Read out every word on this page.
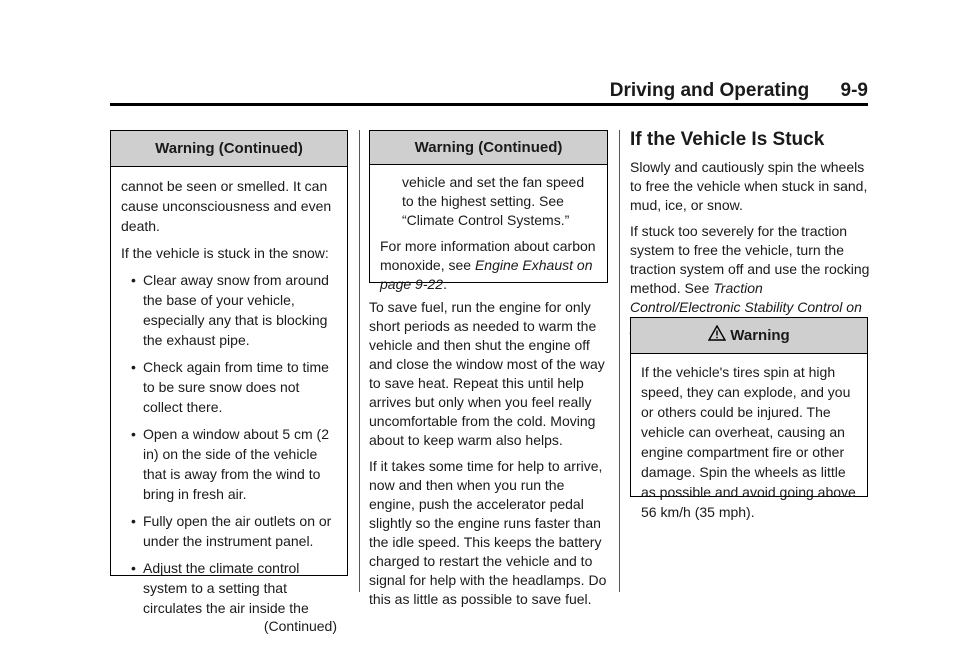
Driving and Operating 9-9
Warning (Continued)

cannot be seen or smelled. It can cause unconsciousness and even death.

If the vehicle is stuck in the snow:

• Clear away snow from around the base of your vehicle, especially any that is blocking the exhaust pipe.
• Check again from time to time to be sure snow does not collect there.
• Open a window about 5 cm (2 in) on the side of the vehicle that is away from the wind to bring in fresh air.
• Fully open the air outlets on or under the instrument panel.
• Adjust the climate control system to a setting that circulates the air inside the
(Continued)
Warning (Continued)

vehicle and set the fan speed to the highest setting. See “Climate Control Systems.”

For more information about carbon monoxide, see Engine Exhaust on page 9-22.

To save fuel, run the engine for only short periods as needed to warm the vehicle and then shut the engine off and close the window most of the way to save heat. Repeat this until help arrives but only when you feel really uncomfortable from the cold. Moving about to keep warm also helps.

If it takes some time for help to arrive, now and then when you run the engine, push the accelerator pedal slightly so the engine runs faster than the idle speed. This keeps the battery charged to restart the vehicle and to signal for help with the headlamps. Do this as little as possible to save fuel.

If the Vehicle Is Stuck

Slowly and cautiously spin the wheels to free the vehicle when stuck in sand, mud, ice, or snow.

If stuck too severely for the traction system to free the vehicle, turn the traction system off and use the rocking method. See Traction Control/Electronic Stability Control on

Warning

If the vehicle's tires spin at high speed, they can explode, and you or others could be injured. The vehicle can overheat, causing an engine compartment fire or other damage. Spin the wheels as little as possible and avoid going above 56 km/h (35 mph).
